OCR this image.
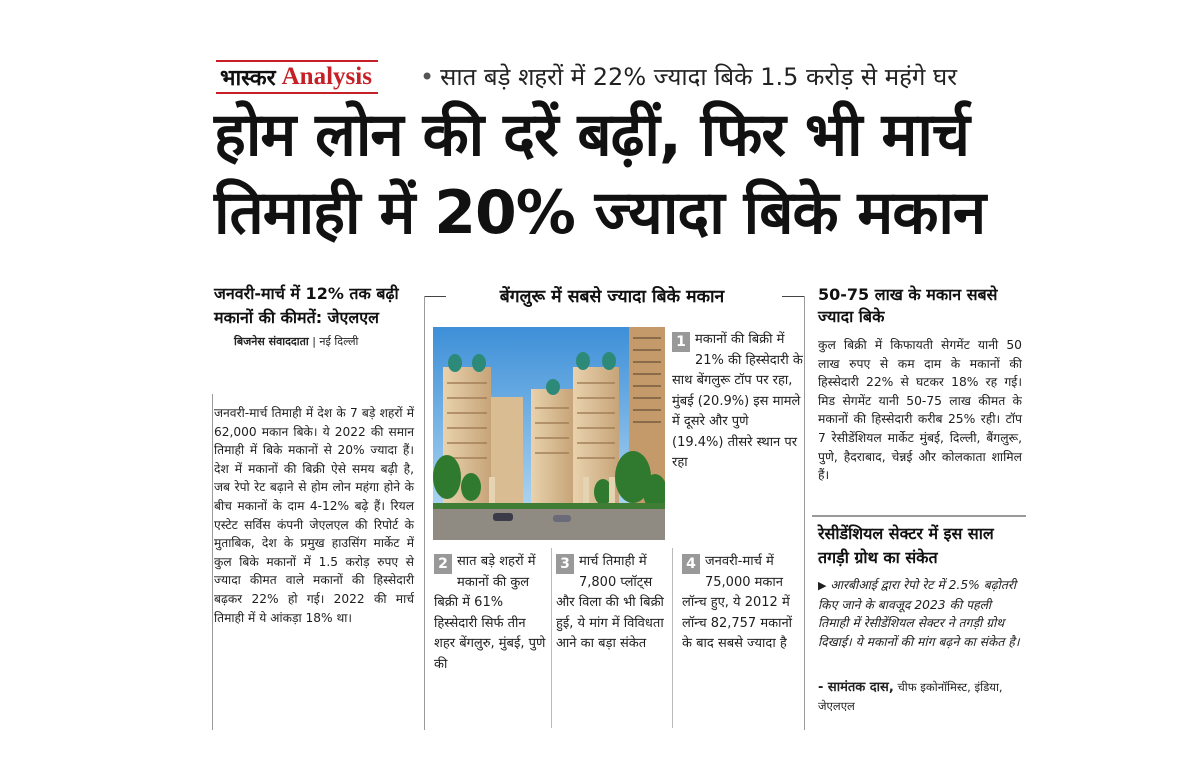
भास्कर Analysis • सात बड़े शहरों में 22% ज्यादा बिके 1.5 करोड़ से महंगे घर
होम लोन की दरें बढ़ीं, फिर भी मार्च
तिमाही में 20% ज्यादा बिके मकान
जनवरी-मार्च में 12% तक बढ़ी मकानों की कीमतें: जेएलएल
बिजनेस संवाददाता | नई दिल्ली
जनवरी-मार्च तिमाही में देश के 7 बड़े शहरों में 62,000 मकान बिके। ये 2022 की समान तिमाही में बिके मकानों से 20% ज्यादा हैं। देश में मकानों की बिक्री ऐसे समय बढ़ी है, जब रेपो रेट बढ़ाने से होम लोन महंगा होने के बीच मकानों के दाम 4-12% बढ़े हैं। रियल एस्टेट सर्विस कंपनी जेएलएल की रिपोर्ट के मुताबिक, देश के प्रमुख हाउसिंग मार्केट में कुल बिके मकानों में 1.5 करोड़ रुपए से ज्यादा कीमत वाले मकानों की हिस्सेदारी बढ़कर 22% हो गई। 2022 की मार्च तिमाही में ये आंकड़ा 18% था।
बेंगलुरू में सबसे ज्यादा बिके मकान
1 मकानों की बिक्री में 21% की हिस्सेदारी के साथ बेंगलुरू टॉप पर रहा, मुंबई (20.9%) इस मामले में दूसरे और पुणे (19.4%) तीसरे स्थान पर रहा
2 सात बड़े शहरों में मकानों की कुल बिक्री में 61% हिस्सेदारी सिर्फ तीन शहर बेंगलुरु, मुंबई, पुणे की
3 मार्च तिमाही में 7,800 प्लॉट्स और विला की भी बिक्री हुई, ये मांग में विविधता आने का बड़ा संकेत
4 जनवरी-मार्च में 75,000 मकान लॉन्च हुए, ये 2012 में लॉन्च 82,757 मकानों के बाद सबसे ज्यादा है
50-75 लाख के मकान सबसे ज्यादा बिके
कुल बिक्री में किफायती सेगमेंट यानी 50 लाख रुपए से कम दाम के मकानों की हिस्सेदारी 22% से घटकर 18% रह गई। मिड सेगमेंट यानी 50-75 लाख कीमत के मकानों की हिस्सेदारी करीब 25% रही। टॉप 7 रेसीडेंशियल मार्केट मुंबई, दिल्ली, बैंगलुरू, पुणे, हैदराबाद, चेन्नई और कोलकाता शामिल हैं।
रेसीडेंशियल सेक्टर में इस साल तगड़ी ग्रोथ का संकेत
▶ आरबीआई द्वारा रेपो रेट में 2.5% बढ़ोतरी किए जाने के बावजूद 2023 की पहली तिमाही में रेसीडेंशियल सेक्टर ने तगड़ी ग्रोथ दिखाई। ये मकानों की मांग बढ़ने का संकेत है।
- सामंतक दास, चीफ इकोनॉमिस्ट, इंडिया, जेएलएल
